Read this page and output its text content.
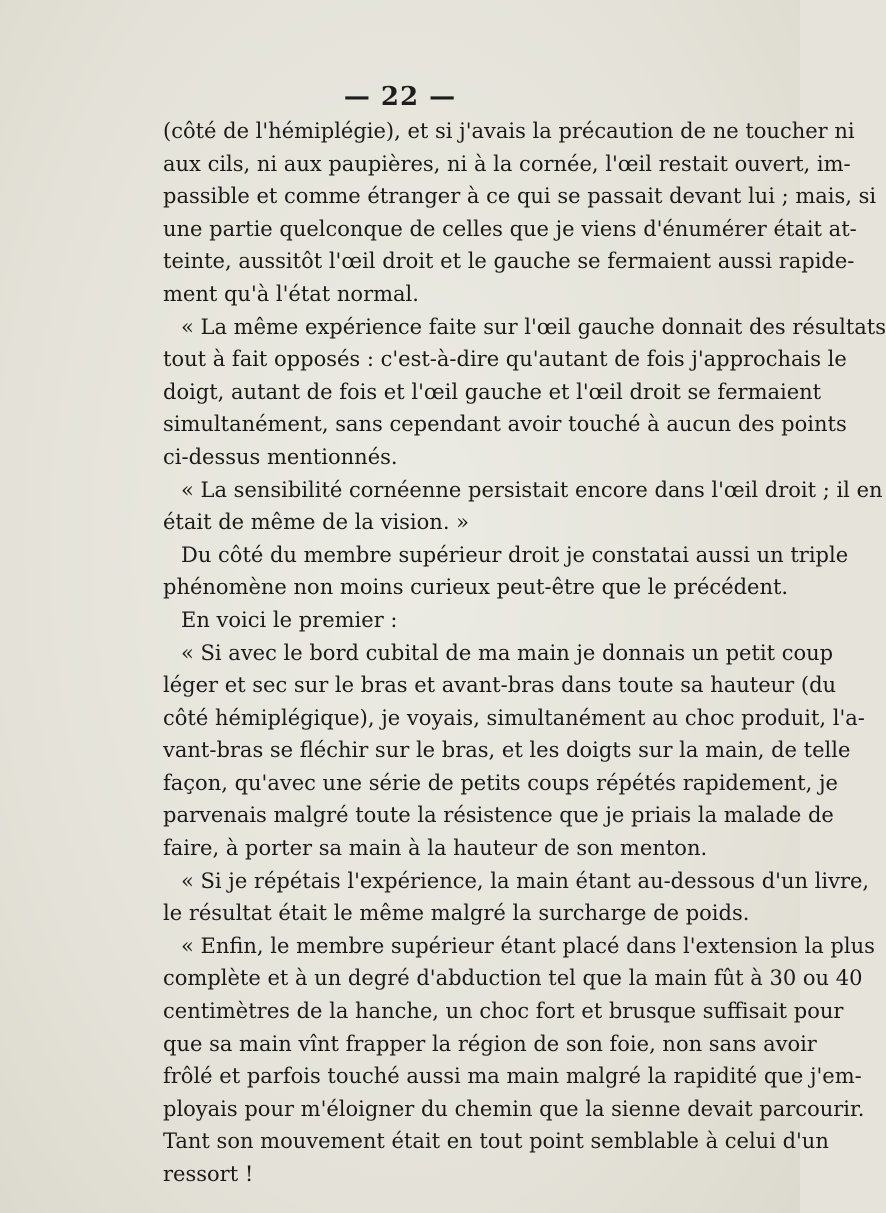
— 22 —
(côté de l'hémiplégie), et si j'avais la précaution de ne toucher ni
aux cils, ni aux paupières, ni à la cornée, l'œil restait ouvert, im-
passible et comme étranger à ce qui se passait devant lui ; mais, si
une partie quelconque de celles que je viens d'énumérer était at-
teinte, aussitôt l'œil droit et le gauche se fermaient aussi rapide-
ment qu'à l'état normal.
« La même expérience faite sur l'œil gauche donnait des résultats
tout à fait opposés : c'est-à-dire qu'autant de fois j'approchais le
doigt, autant de fois et l'œil gauche et l'œil droit se fermaient
simultanément, sans cependant avoir touché à aucun des points
ci-dessus mentionnés.
« La sensibilité cornéenne persistait encore dans l'œil droit ; il en
était de même de la vision. »
Du côté du membre supérieur droit je constatai aussi un triple
phénomène non moins curieux peut-être que le précédent.
En voici le premier :
« Si avec le bord cubital de ma main je donnais un petit coup
léger et sec sur le bras et avant-bras dans toute sa hauteur (du
côté hémiplégique), je voyais, simultanément au choc produit, l'a-
vant-bras se fléchir sur le bras, et les doigts sur la main, de telle
façon, qu'avec une série de petits coups répétés rapidement, je
parvenais malgré toute la résistence que je priais la malade de
faire, à porter sa main à la hauteur de son menton.
« Si je répétais l'expérience, la main étant au-dessous d'un livre,
le résultat était le même malgré la surcharge de poids.
« Enfin, le membre supérieur étant placé dans l'extension la plus
complète et à un degré d'abduction tel que la main fût à 30 ou 40
centimètres de la hanche, un choc fort et brusque suffisait pour
que sa main vînt frapper la région de son foie, non sans avoir
frôlé et parfois touché aussi ma main malgré la rapidité que j'em-
ployais pour m'éloigner du chemin que la sienne devait parcourir.
Tant son mouvement était en tout point semblable à celui d'un
ressort !
